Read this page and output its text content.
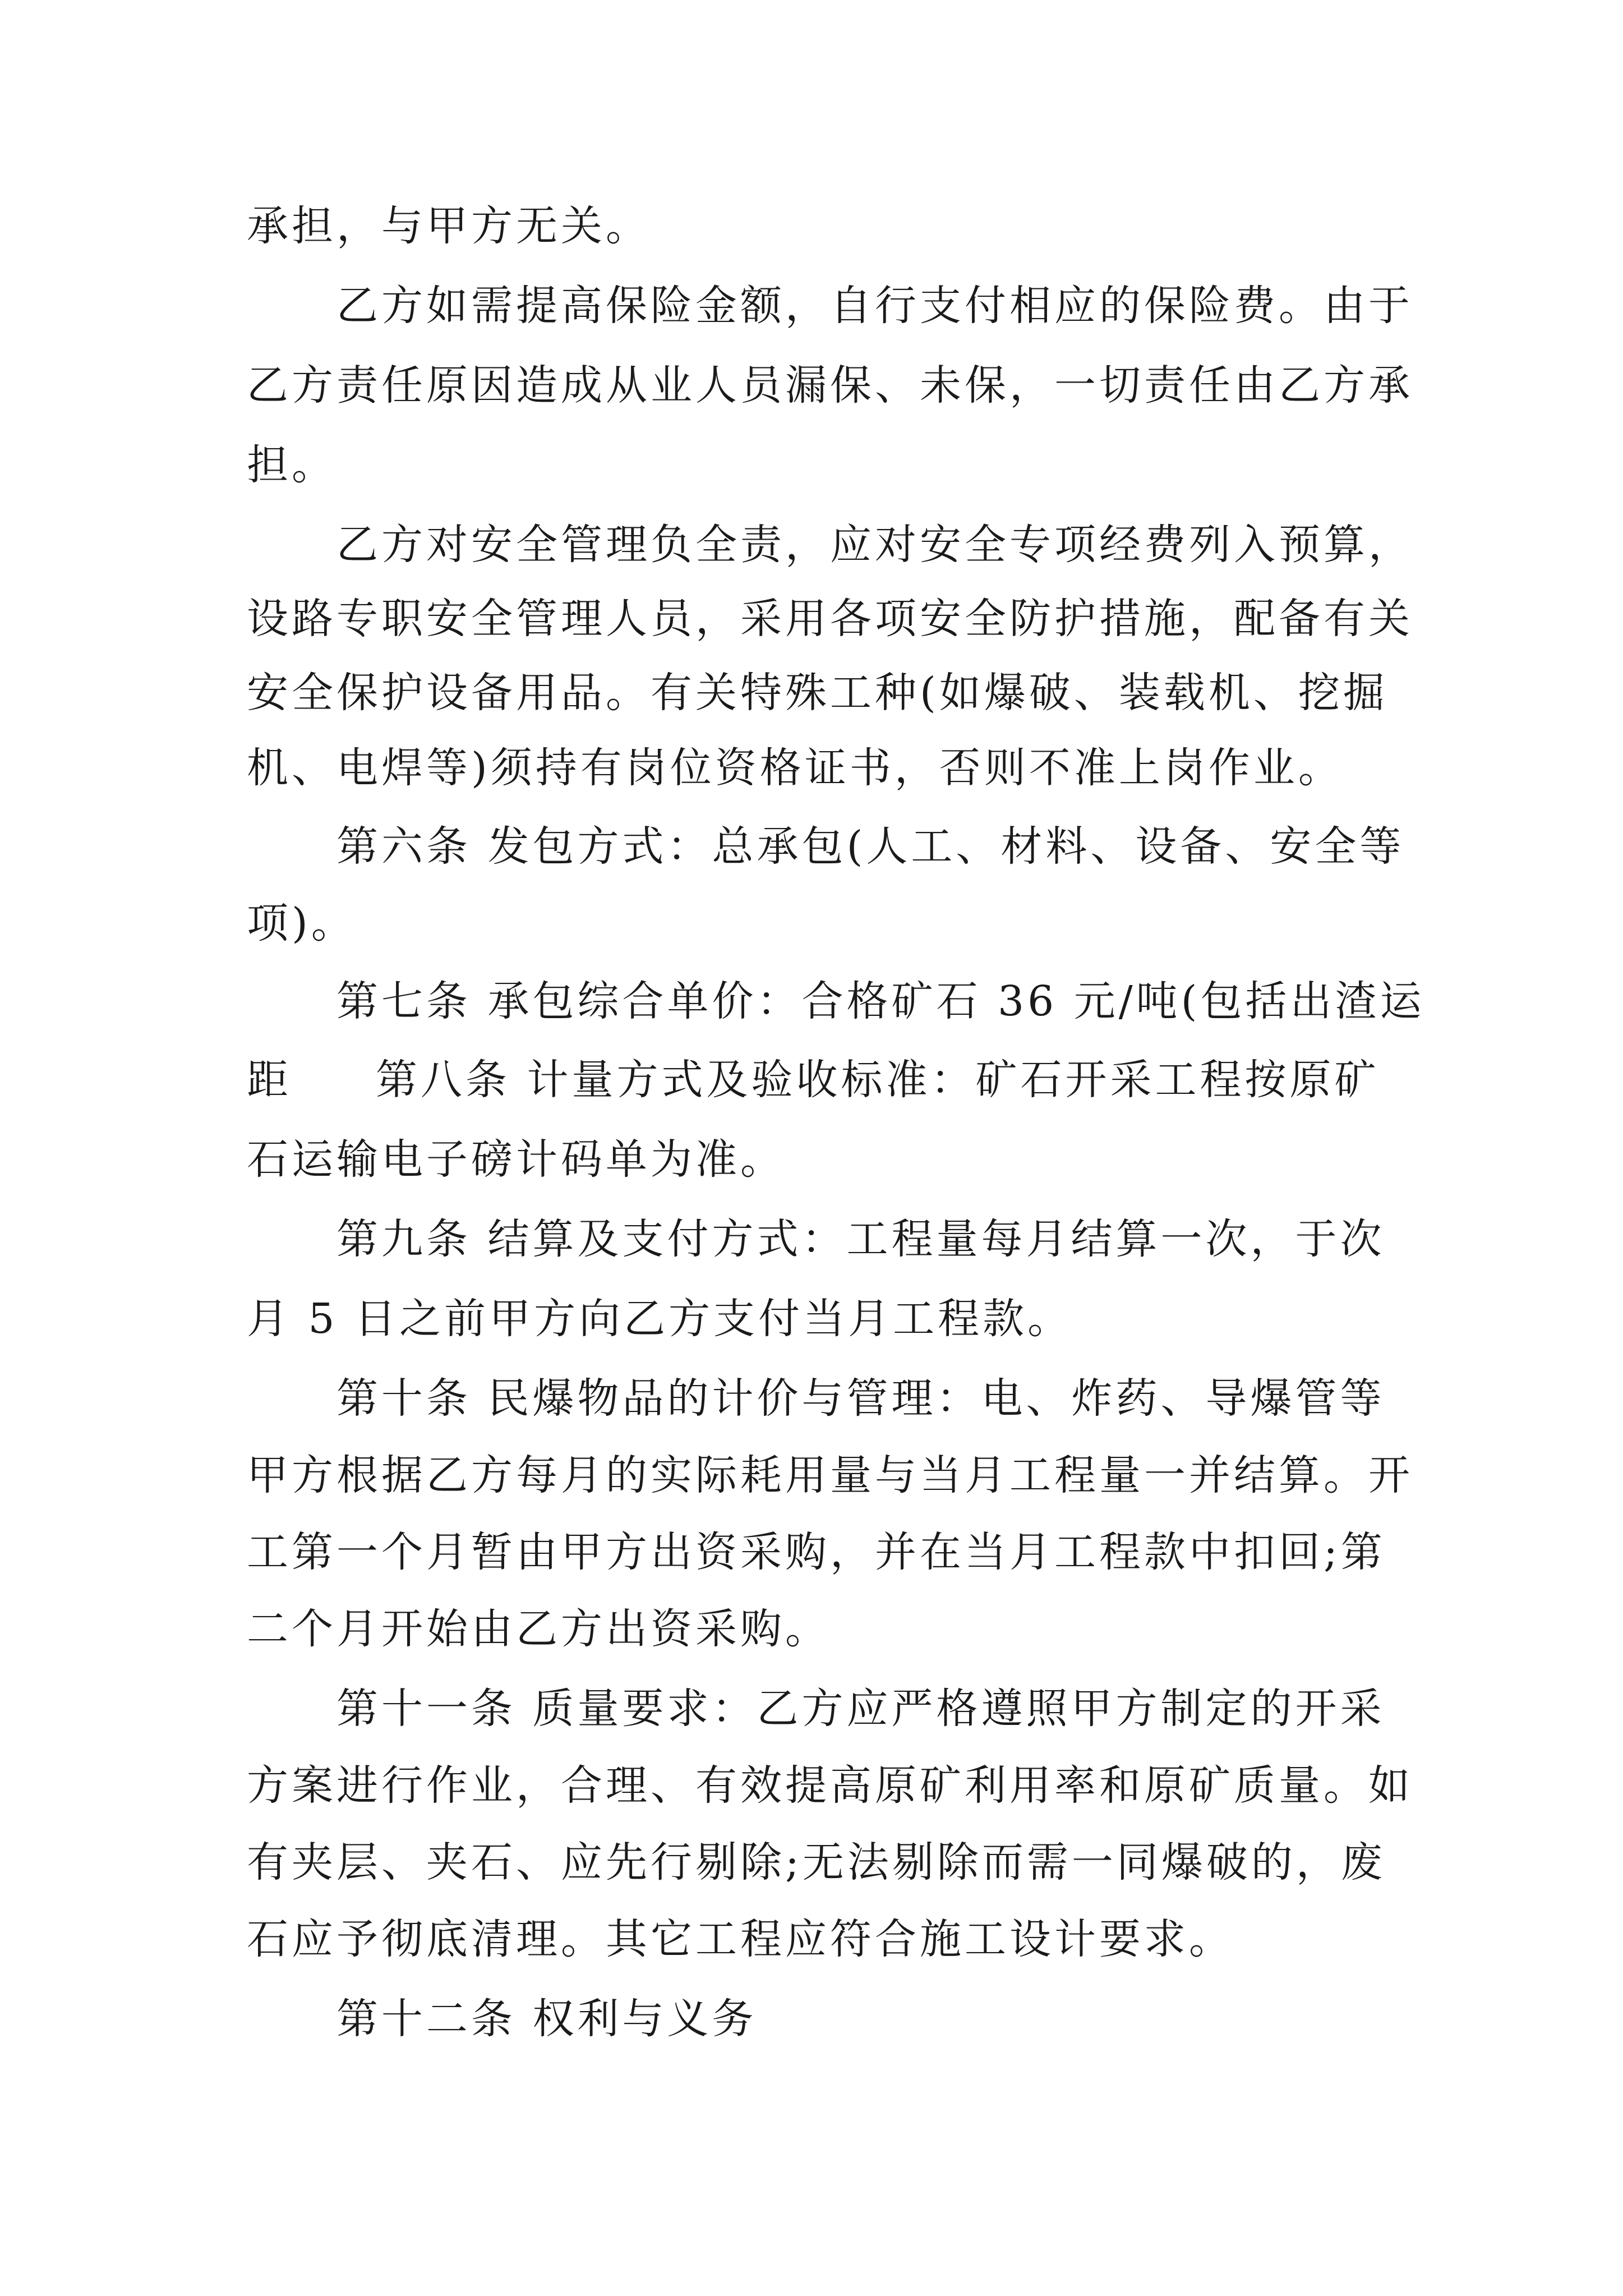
承担，与甲方无关。
乙方如需提高保险金额，自行支付相应的保险费。由于
乙方责任原因造成从业人员漏保、未保，一切责任由乙方承
担。
乙方对安全管理负全责，应对安全专项经费列入预算，
设路专职安全管理人员，采用各项安全防护措施，配备有关
安全保护设备用品。有关特殊工种(如爆破、装载机、挖掘
机、电焊等)须持有岗位资格证书，否则不准上岗作业。
第六条 发包方式：总承包(人工、材料、设备、安全等
项)。
第七条 承包综合单价：合格矿石 36 元/吨(包括出渣运
距 第八条 计量方式及验收标准：矿石开采工程按原矿
石运输电子磅计码单为准。
第九条 结算及支付方式：工程量每月结算一次，于次
月 5 日之前甲方向乙方支付当月工程款。
第十条 民爆物品的计价与管理：电、炸药、导爆管等
甲方根据乙方每月的实际耗用量与当月工程量一并结算。开
工第一个月暂由甲方出资采购，并在当月工程款中扣回;第
二个月开始由乙方出资采购。
第十一条 质量要求：乙方应严格遵照甲方制定的开采
方案进行作业，合理、有效提高原矿利用率和原矿质量。如
有夹层、夹石、应先行剔除;无法剔除而需一同爆破的，废
石应予彻底清理。其它工程应符合施工设计要求。
第十二条 权利与义务
